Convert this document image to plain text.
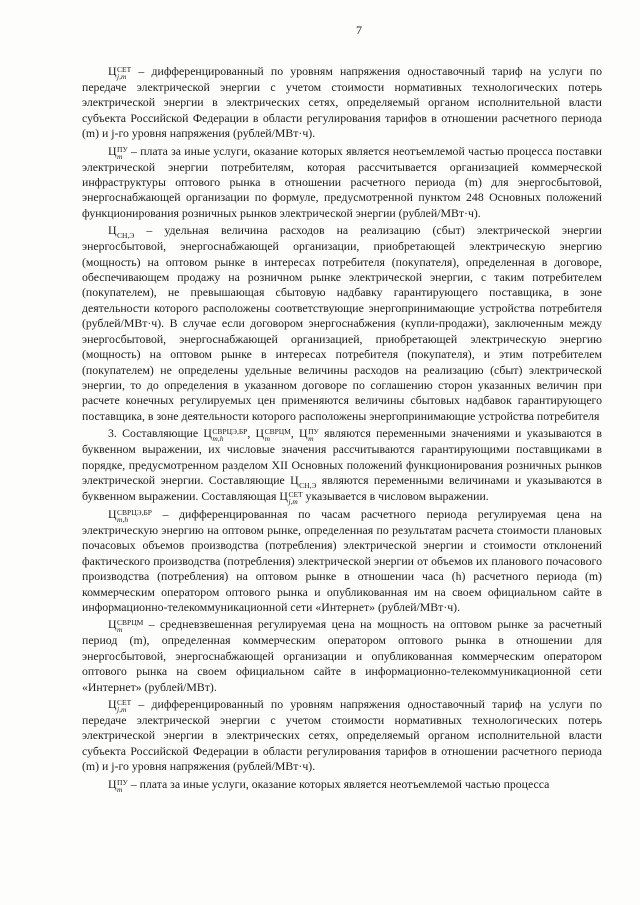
7

Ц СЕТ
j,m – дифференцированный по уровням напряжения одноставочный тариф на услуги по передаче электрической энергии с учетом стоимости нормативных технологических потерь электрической энергии в электрических сетях, определяемый органом исполнительной власти субъекта Российской Федерации в области регулирования тарифов в отношении расчетного периода (m) и j-го уровня напряжения (рублей/МВт·ч).

Ц ПУ
m – плата за иные услуги, оказание которых является неотъемлемой частью процесса поставки электрической энергии потребителям, которая рассчитывается организацией коммерческой инфраструктуры оптового рынка в отношении расчетного периода (m) для энергосбытовой, энергоснабжающей организации по формуле, предусмотренной пунктом 248 Основных положений функционирования розничных рынков электрической энергии (рублей/МВт·ч).

Ц СН,Э – удельная величина расходов на реализацию (сбыт) электрической энергии энергосбытовой, энергоснабжающей организации, приобретающей электрическую энергию (мощность) на оптовом рынке в интересах потребителя (покупателя), определенная в договоре, обеспечивающем продажу на розничном рынке электрической энергии, с таким потребителем (покупателем), не превышающая сбытовую надбавку гарантирующего поставщика, в зоне деятельности которого расположены соответствующие энергопринимающие устройства потребителя (рублей/МВт·ч). В случае если договором энергоснабжения (купли-продажи), заключенным между энергосбытовой, энергоснабжающей организацией, приобретающей электрическую энергию (мощность) на оптовом рынке в интересах потребителя (покупателя), и этим потребителем (покупателем) не определены удельные величины расходов на реализацию (сбыт) электрической энергии, то до определения в указанном договоре по соглашению сторон указанных величин при расчете конечных регулируемых цен применяются величины сбытовых надбавок гарантирующего поставщика, в зоне деятельности которого расположены энергопринимающие устройства потребителя

3. Составляющие Ц СВРЦЭ,БР
m,h	, Ц СВРЦМ
m	, Ц ПУ
m являются переменными значениями и указываются в буквенном выражении, их числовые значения рассчитываются гарантирующими поставщиками в порядке, предусмотренном разделом XII Основных положений функционирования розничных рынков электрической энергии. Составляющие Ц СН,Э являются переменными величинами и указываются в буквенном выражении. Составляющая Ц СЕТ
j,m указывается в числовом выражении.

Ц СВРЦЭ,БР
m,h	– дифференцированная по часам расчетного периода регулируемая цена на электрическую энергию на оптовом рынке, определенная по результатам расчета стоимости плановых почасовых объемов производства (потребления) электрической энергии и стоимости отклонений фактического производства (потребления) электрической энергии от объемов их планового почасового производства (потребления) на оптовом рынке в отношении часа (h) расчетного периода (m) коммерческим оператором оптового рынка и опубликованная им на своем официальном сайте в информационно-телекоммуникационной сети «Интернет» (рублей/МВт·ч).

Ц СВРЦМ
m	– средневзвешенная регулируемая цена на мощность на оптовом рынке за расчетный период (m), определенная коммерческим оператором оптового рынка в отношении для энергосбытовой, энергоснабжающей организации и опубликованная коммерческим оператором оптового рынка на своем официальном сайте в информационно-телекоммуникационной сети «Интернет» (рублей/МВт).

Ц СЕТ
j,m – дифференцированный по уровням напряжения одноставочный тариф на услуги по передаче электрической энергии с учетом стоимости нормативных технологических потерь электрической энергии в электрических сетях, определяемый органом исполнительной власти субъекта Российской Федерации в области регулирования тарифов в отношении расчетного периода (m) и j-го уровня напряжения (рублей/МВт·ч).

Ц ПУ
m – плата за иные услуги, оказание которых является неотъемлемой частью процесса
